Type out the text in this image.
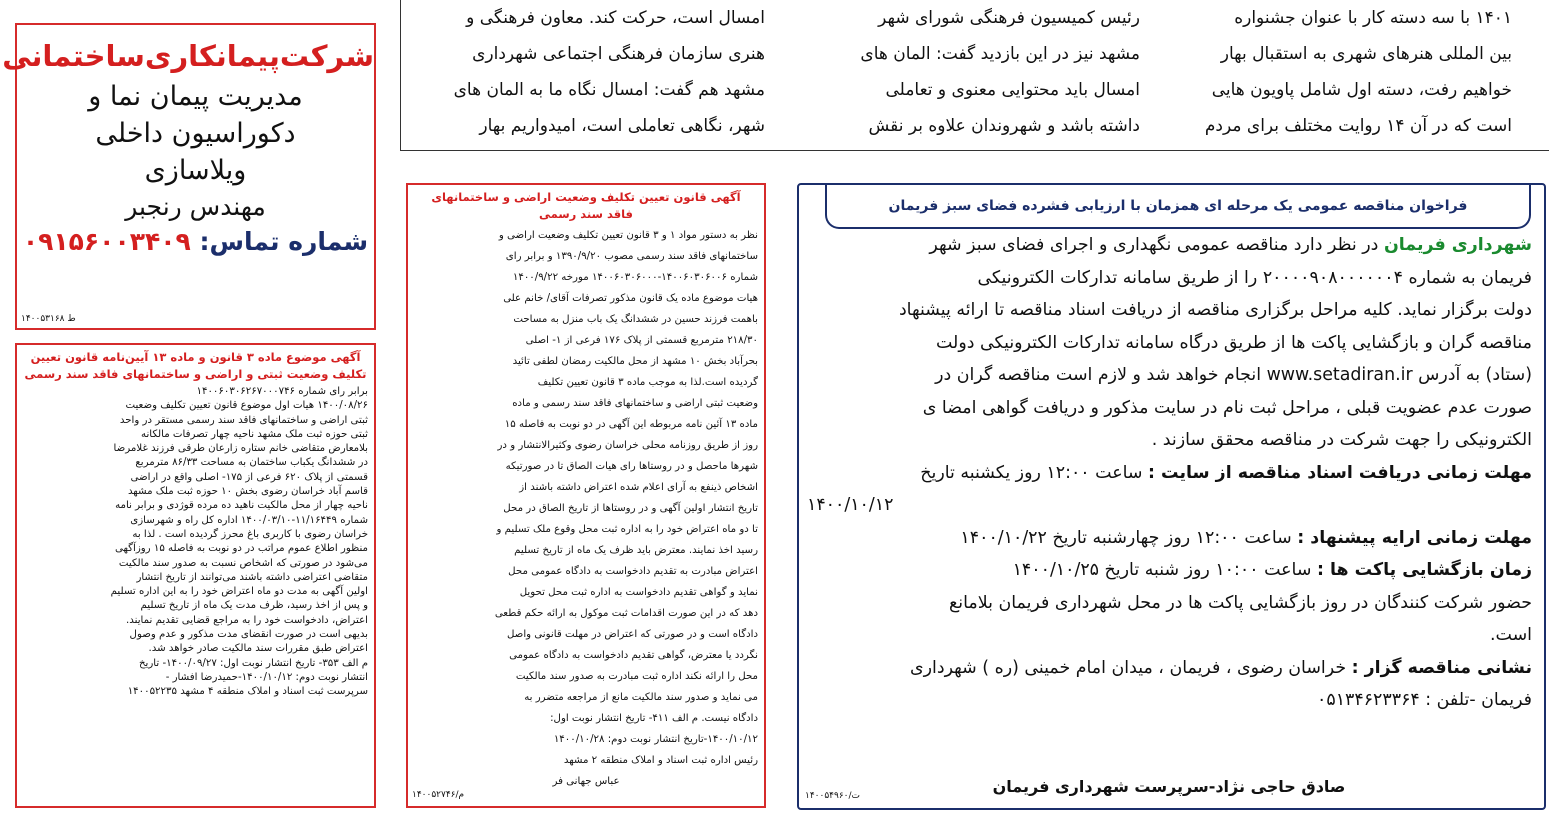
۱۴۰۱ با سه دسته کار با عنوان جشنواره
بین المللی هنرهای شهری به استقبال بهار
خواهیم رفت، دسته اول شامل پاویون هایی
است که در آن ۱۴ روایت مختلف برای مردم
رئیس کمیسیون فرهنگی شورای شهر
مشهد نیز در این بازدید گفت: المان های
امسال باید محتوایی معنوی و تعاملی
داشته باشد و شهروندان علاوه بر نقش
امسال است، حرکت کند. معاون فرهنگی و
هنری سازمان فرهنگی اجتماعی شهرداری
مشهد هم گفت: امسال نگاه ما به المان های
شهر، نگاهی تعاملی است، امیدواریم بهار
شرکت‌پیمانکاری‌ساختمانی
مدیریت پیمان نما و
دکوراسیون داخلی
ویلاسازی
مهندس رنجبر
شماره تماس: ۰۹۱۵۶۰۰۳۴۰۹
ط ۱۴۰۰۵۳۱۶۸
آگهی موضوع ماده ۳ قانون و ماده ۱۳ آیین‌نامه قانون تعیین
تکلیف وضعیت ثبتی و اراضی و ساختمانهای فاقد سند رسمی
برابر رای شماره ۱۴۰۰۶۰۳۰۶۲۶۷۰۰۰۷۴۶
۱۴۰۰/۰۸/۲۶ هیات اول موضوع قانون تعیین تکلیف وضعیت
ثبتی اراضی و ساختمانهای فاقد سند رسمی مستقر در واحد
ثبتی حوزه ثبت ملک مشهد ناحیه چهار تصرفات مالکانه
بلامعارض متقاضی خانم ستاره زارعان طرقی فرزند غلامرضا
در ششدانگ یکباب ساختمان به مساحت ۸۶/۳۳ مترمربع
قسمتی از پلاک ۶۲۰ فرعی از ۱۷۵- اصلی واقع در اراضی
قاسم آباد خراسان رضوی بخش ۱۰ حوزه ثبت ملک مشهد
ناحیه چهار از محل مالکیت ناهید ده مرده قوژدی و برابر نامه
شماره ۱۱/۱۶۴۴۹-۱۴۰۰/۰۳/۱۰ اداره کل راه و شهرسازی
خراسان رضوی با کاربری باغ محرز گردیده است . لذا به
منظور اطلاع عموم مراتب در دو نوبت به فاصله ۱۵ روزآگهی
می‌شود در صورتی که اشخاص نسبت به صدور سند مالکیت
متقاضی اعتراضی داشته باشند می‌توانند از تاریخ انتشار
اولین آگهی به مدت دو ماه اعتراض خود را به این اداره تسلیم
و پس از اخذ رسید، ظرف مدت یک ماه از تاریخ تسلیم
اعتراض، دادخواست خود را به مراجع قضایی تقدیم نمایند.
بدیهی است در صورت انقضای مدت مذکور و عدم وصول
اعتراض طبق مقررات سند مالکیت صادر خواهد شد.
م الف ۳۵۳- تاریخ انتشار نوبت اول: ۱۴۰۰/۰۹/۲۷- تاریخ
انتشار نوبت دوم: ۱۴۰۰/۱۰/۱۲-حمیدرضا افشار -
سرپرست ثبت اسناد و املاک منطقه ۴ مشهد ۱۴۰۰۵۲۲۳۵
آگهی قانون تعیین تکلیف وضعیت اراضی و ساختمانهای
فاقد سند رسمی
نظر به دستور مواد ۱ و ۳ قانون تعیین تکلیف وضعیت اراضی و
ساختمانهای فاقد سند رسمی مصوب ۱۳۹۰/۹/۲۰ و برابر رای
شماره ۱۴۰۰۶۰۳۰۶۰۰۶-۱۴۰۰۶۰۳۰۶۰۰۰ مورخه ۱۴۰۰/۹/۲۲
هیات موضوع ماده یک قانون مذکور تصرفات آقای/ خانم علی
باهمت فرزند حسین در ششدانگ یک باب منزل به مساحت
۲۱۸/۳۰ مترمربع قسمتی از پلاک ۱۷۶ فرعی از ۱- اصلی
بحرآباد بخش ۱۰ مشهد از محل مالکیت رمضان لطفی تائید
گردیده است.لذا به موجب ماده ۳ قانون تعیین تکلیف
وضعیت ثبتی اراضی و ساختمانهای فاقد سند رسمی و ماده
ماده ۱۳ آئین نامه مربوطه این آگهی در دو نوبت به فاصله ۱۵
روز از طریق روزنامه محلی خراسان رضوی وکثیرالانتشار و در
شهرها ماحصل و در روستاها رای هیات الصاق تا در صورتیکه
اشخاص ذینفع به آرای اعلام شده اعتراض داشته باشند از
تاریخ انتشار اولین آگهی و در روستاها از تاریخ الصاق در محل
تا دو ماه اعتراض خود را به اداره ثبت محل وقوع ملک تسلیم و
رسید اخذ نمایند. معترض باید ظرف یک ماه از تاریخ تسلیم
اعتراض مبادرت به تقدیم دادخواست به دادگاه عمومی محل
نماید و گواهی تقدیم دادخواست به اداره ثبت محل تحویل
دهد که در این صورت اقدامات ثبت موکول به ارائه حکم قطعی
دادگاه است و در صورتی که اعتراض در مهلت قانونی واصل
نگردد یا معترض، گواهی تقدیم دادخواست به دادگاه عمومی
محل را ارائه نکند اداره ثبت مبادرت به صدور سند مالکیت
می نماید و صدور سند مالکیت مانع از مراجعه متضرر به
دادگاه نیست. م الف ۴۱۱- تاریخ انتشار نوبت اول:
۱۴۰۰/۱۰/۱۲-تاریخ انتشار نوبت دوم: ۱۴۰۰/۱۰/۲۸
رئیس اداره ثبت اسناد و املاک منطقه ۲ مشهد
عباس جهانی فر
م/۱۴۰۰۵۲۷۴۶
فراخوان مناقصه عمومی یک مرحله ای همزمان با ارزیابی فشرده فضای سبز فریمان
شهرداری فریمان در نظر دارد مناقصه عمومی نگهداری و اجرای فضای سبز شهر
فریمان به شماره ۲۰۰۰۰۹۰۸۰۰۰۰۰۰۴ را از طریق سامانه تدارکات الکترونیکی
دولت برگزار نماید. کلیه مراحل برگزاری مناقصه از دریافت اسناد مناقصه تا ارائه پیشنهاد
مناقصه گران و بازگشایی پاکت ها از طریق درگاه سامانه تدارکات الکترونیکی دولت
(ستاد) به آدرس www.setadiran.ir انجام خواهد شد و لازم است مناقصه گران در
صورت عدم عضویت قبلی ، مراحل ثبت نام در سایت مذکور و دریافت گواهی امضا ی
الکترونیکی را جهت شرکت در مناقصه محقق سازند .
مهلت زمانی دریافت اسناد مناقصه از سایت : ساعت ۱۲:۰۰ روز یکشنبه تاریخ
۱۴۰۰/۱۰/۱۲
مهلت زمانی ارایه پیشنهاد : ساعت ۱۲:۰۰ روز چهارشنبه تاریخ ۱۴۰۰/۱۰/۲۲
زمان بازگشایی پاکت ها : ساعت ۱۰:۰۰ روز شنبه تاریخ ۱۴۰۰/۱۰/۲۵
حضور شرکت کنندگان در روز بازگشایی پاکت ها در محل شهرداری فریمان بلامانع
است.
نشانی مناقصه گزار : خراسان رضوی ، فریمان ، میدان امام خمینی (ره ) شهرداری
فریمان -تلفن : ۰۵۱۳۴۶۲۳۳۶۴
صادق حاجی نژاد-سرپرست شهرداری فریمان
ت/۱۴۰۰۵۴۹۶۰
